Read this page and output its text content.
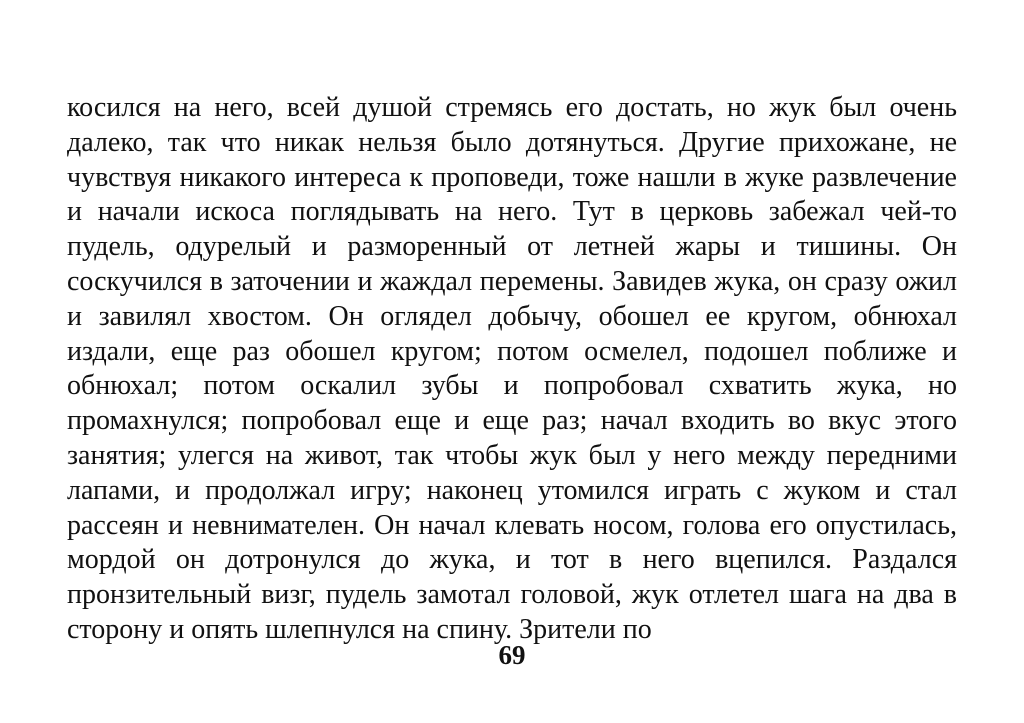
косился на него, всей душой стремясь его достать, но жук был очень
далеко, так что никак нельзя было дотянуться. Другие прихожане, не
чувствуя никакого интереса к проповеди, тоже нашли в жуке развлечение
и начали искоса поглядывать на него. Тут в церковь забежал чей-то
пудель, одурелый и разморенный от летней жары и тишины. Он
соскучился в заточении и жаждал перемены. Завидев жука, он сразу ожил
и завилял хвостом. Он оглядел добычу, обошел ее кругом, обнюхал
издали, еще раз обошел кругом; потом осмелел, подошел поближе и
обнюхал; потом оскалил зубы и попробовал схватить жука, но
промахнулся; попробовал еще и еще раз; начал входить во вкус этого
занятия; улегся на живот, так чтобы жук был у него между передними
лапами, и продолжал игру; наконец утомился играть с жуком и стал
рассеян и невнимателен. Он начал клевать носом, голова его опустилась,
мордой он дотронулся до жука, и тот в него вцепился. Раздался
пронзительный визг, пудель замотал головой, жук отлетел шага на два в
сторону и опять шлепнулся на спину. Зрители по
69
